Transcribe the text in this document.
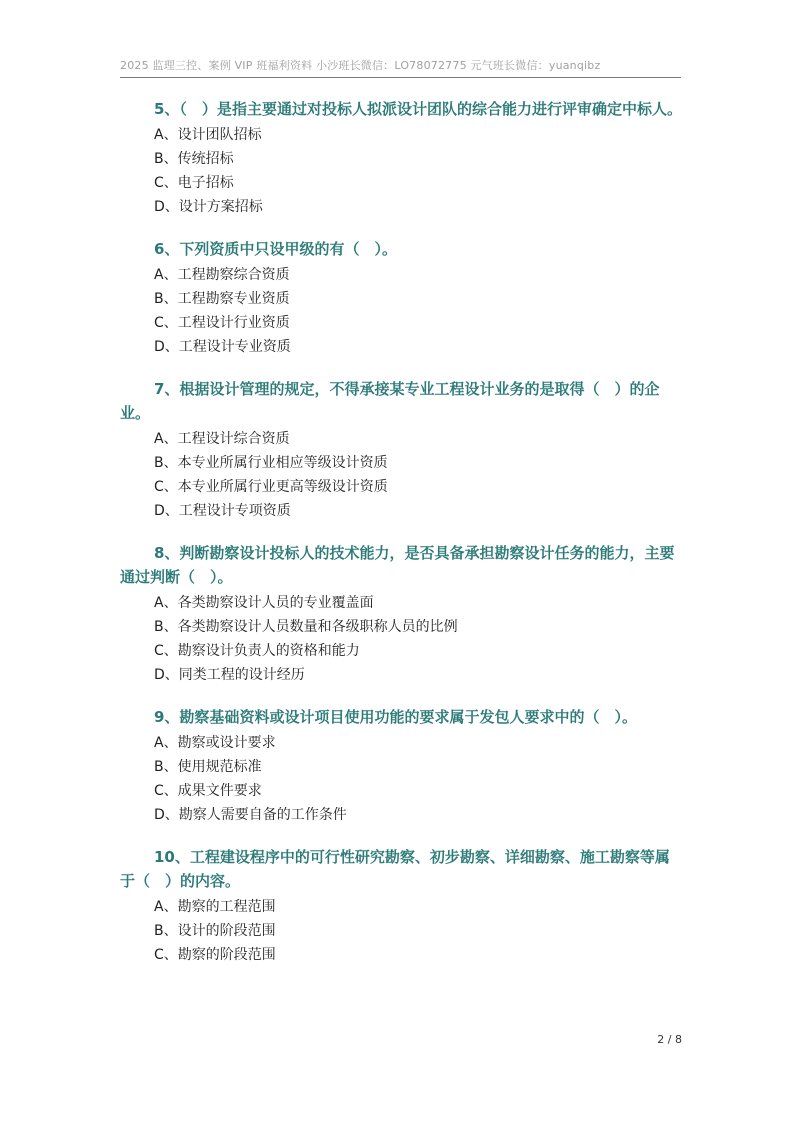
2025 监理三控、案例 VIP 班福利资料 小沙班长微信：LO78072775 元气班长微信：yuanqibz

5、（　）是指主要通过对投标人拟派设计团队的综合能力进行评审确定中标人。

A、设计团队招标

B、传统招标

C、电子招标

D、设计方案招标

6、下列资质中只设甲级的有（　）。

A、工程勘察综合资质

B、工程勘察专业资质

C、工程设计行业资质

D、工程设计专业资质

7、根据设计管理的规定，不得承接某专业工程设计业务的是取得（　）的企业。

A、工程设计综合资质

B、本专业所属行业相应等级设计资质

C、本专业所属行业更高等级设计资质

D、工程设计专项资质

8、判断勘察设计投标人的技术能力，是否具备承担勘察设计任务的能力，主要通过判断（　）。

A、各类勘察设计人员的专业覆盖面

B、各类勘察设计人员数量和各级职称人员的比例

C、勘察设计负责人的资格和能力

D、同类工程的设计经历

9、勘察基础资料或设计项目使用功能的要求属于发包人要求中的（　）。

A、勘察或设计要求

B、使用规范标准

C、成果文件要求

D、勘察人需要自备的工作条件

10、工程建设程序中的可行性研究勘察、初步勘察、详细勘察、施工勘察等属于（　）的内容。

A、勘察的工程范围

B、设计的阶段范围

C、勘察的阶段范围

2 / 8
